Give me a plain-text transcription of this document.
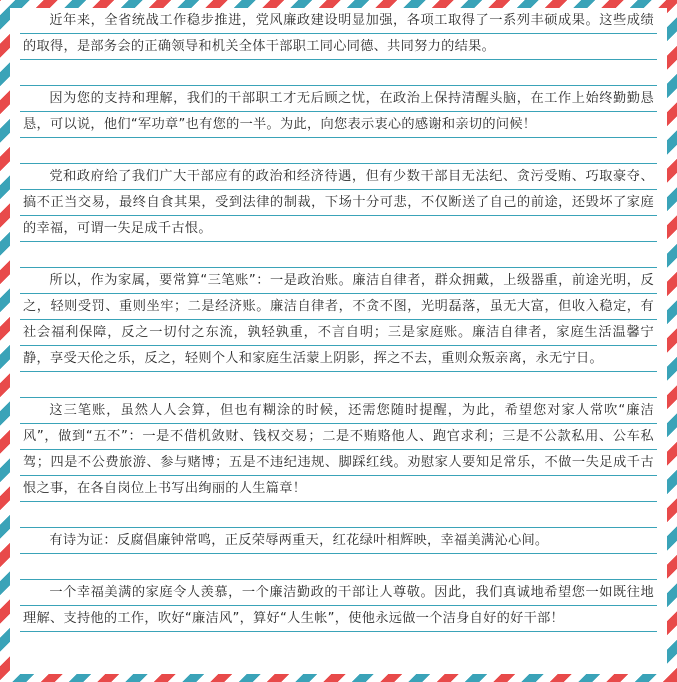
近年来，全省统战工作稳步推进，党风廉政建设明显加强，各项工取得了一系列丰硕成果。这些成绩的取得，是部务会的正确领导和机关全体干部职工同心同德、共同努力的结果。
因为您的支持和理解，我们的干部职工才无后顾之忧，在政治上保持清醒头脑，在工作上始终勤勤恳恳，可以说，他们“军功章”也有您的一半。为此，向您表示衷心的感谢和亲切的问候！
党和政府给了我们广大干部应有的政治和经济待遇，但有少数干部目无法纪、贪污受贿、巧取豪夺、搞不正当交易，最终自食其果，受到法律的制裁，下场十分可悲，不仅断送了自己的前途，还毁坏了家庭的幸福，可谓一失足成千古恨。
所以，作为家属，要常算“三笔账”：一是政治账。廉洁自律者，群众拥戴，上级器重，前途光明，反之，轻则受罚、重则坐牢；二是经济账。廉洁自律者，不贪不图，光明磊落，虽无大富，但收入稳定，有社会福利保障，反之一切付之东流，孰轻孰重，不言自明；三是家庭账。廉洁自律者，家庭生活温馨宁静，享受天伦之乐，反之，轻则个人和家庭生活蒙上阴影，挥之不去，重则众叛亲离，永无宁日。
这三笔账，虽然人人会算，但也有糊涂的时候，还需您随时提醒，为此，希望您对家人常吹“廉洁风”，做到“五不”：一是不借机敛财、钱权交易；二是不贿赂他人、跑官求利；三是不公款私用、公车私驾；四是不公费旅游、参与赌博；五是不违纪违规、脚踩红线。劝慰家人要知足常乐，不做一失足成千古恨之事，在各自岗位上书写出绚丽的人生篇章！
有诗为证：反腐倡廉钟常鸣，正反荣辱两重天，红花绿叶相辉映，幸福美满沁心间。
一个幸福美满的家庭令人羡慕，一个廉洁勤政的干部让人尊敬。因此，我们真诚地希望您一如既往地理解、支持他的工作，吹好“廉洁风”，算好“人生帐”，使他永远做一个洁身自好的好干部！
